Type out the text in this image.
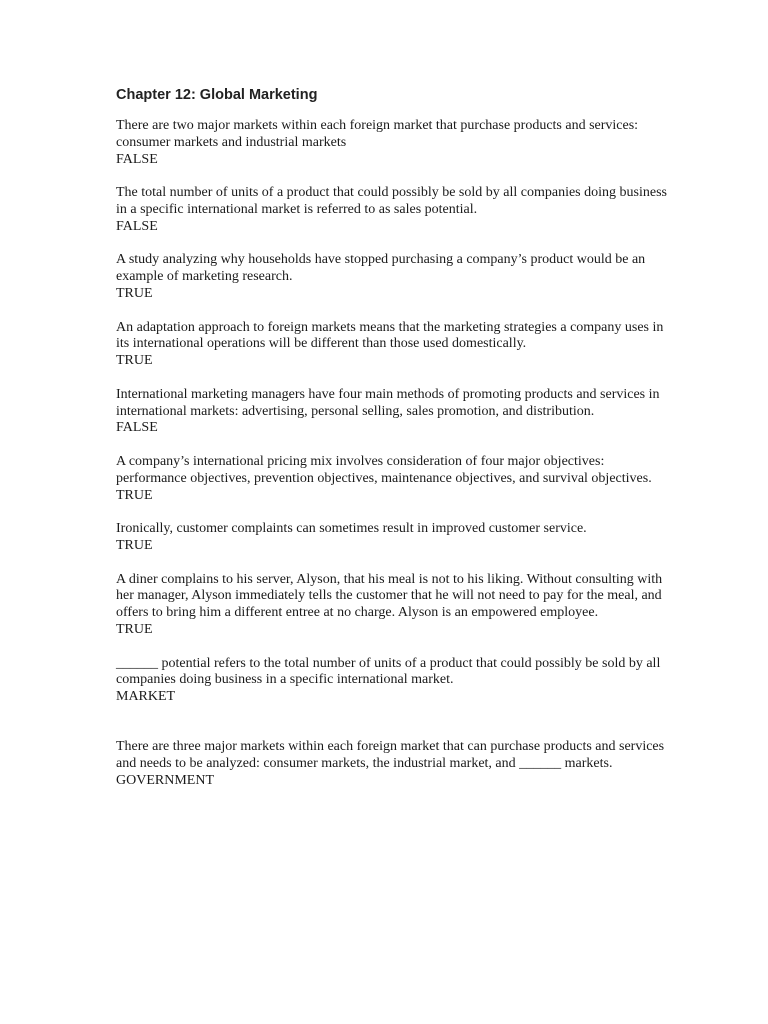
Chapter 12: Global Marketing

There are two major markets within each foreign market that purchase products and services: consumer markets and industrial markets

FALSE

The total number of units of a product that could possibly be sold by all companies doing business in a specific international market is referred to as sales potential.

FALSE

A study analyzing why households have stopped purchasing a company’s product would be an example of marketing research.

TRUE

An adaptation approach to foreign markets means that the marketing strategies a company uses in its international operations will be different than those used domestically.

TRUE

International marketing managers have four main methods of promoting products and services in international markets: advertising, personal selling, sales promotion, and distribution.

FALSE

A company’s international pricing mix involves consideration of four major objectives: performance objectives, prevention objectives, maintenance objectives, and survival objectives.

TRUE

Ironically, customer complaints can sometimes result in improved customer service.

TRUE

A diner complains to his server, Alyson, that his meal is not to his liking. Without consulting with her manager, Alyson immediately tells the customer that he will not need to pay for the meal, and offers to bring him a different entree at no charge. Alyson is an empowered employee.

TRUE

______ potential refers to the total number of units of a product that could possibly be sold by all companies doing business in a specific international market.

MARKET

There are three major markets within each foreign market that can purchase products and services and needs to be analyzed: consumer markets, the industrial market, and ______ markets.

GOVERNMENT
